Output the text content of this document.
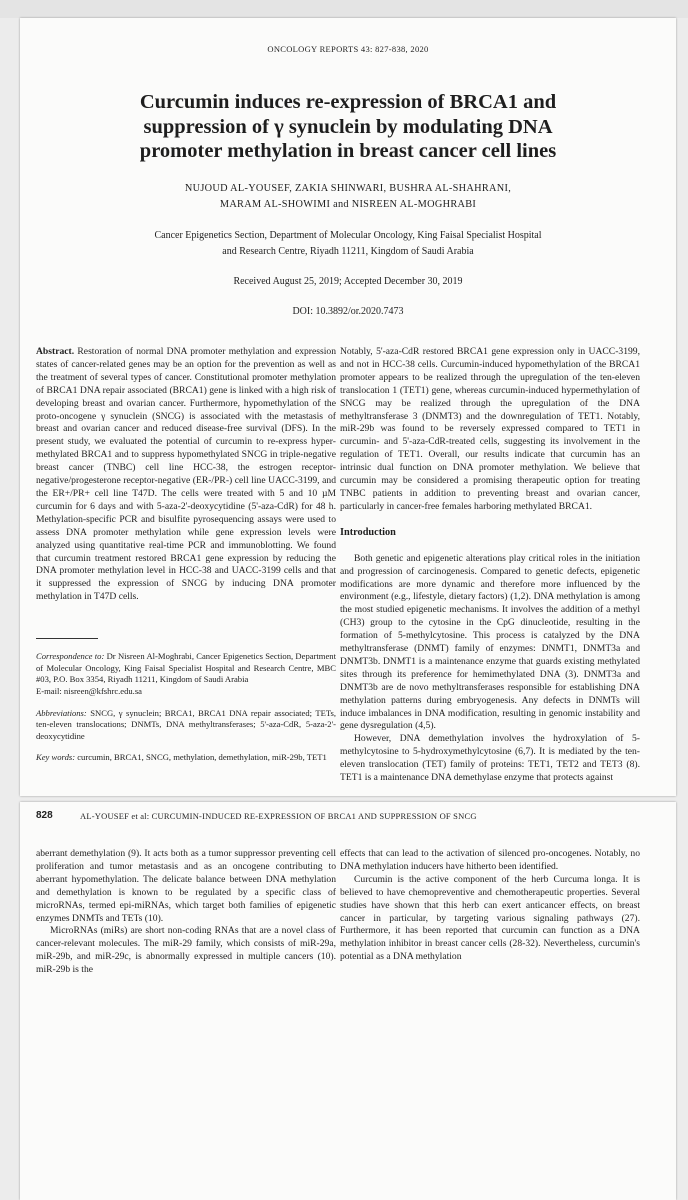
ONCOLOGY REPORTS 43: 827-838, 2020
Curcumin induces re-expression of BRCA1 and
suppression of γ synuclein by modulating DNA
promoter methylation in breast cancer cell lines
NUJOUD AL-YOUSEF, ZAKIA SHINWARI, BUSHRA AL-SHAHRANI,
MARAM AL-SHOWIMI and NISREEN AL-MOGHRABI
Cancer Epigenetics Section, Department of Molecular Oncology, King Faisal Specialist Hospital
and Research Centre, Riyadh 11211, Kingdom of Saudi Arabia
Received August 25, 2019; Accepted December 30, 2019
DOI: 10.3892/or.2020.7473

Abstract. Restoration of normal DNA promoter methylation and expression states of cancer-related genes may be an option for the prevention as well as the treatment of several types of cancer. Constitutional promoter methylation of BRCA1 DNA repair associated (BRCA1) gene is linked with a high risk of developing breast and ovarian cancer. Furthermore, hypomethylation of the proto-oncogene γ synuclein (SNCG) is associated with the metastasis of breast and ovarian cancer and reduced disease-free survival (DFS). In the present study, we evaluated the potential of curcumin to re-express hyper-methylated BRCA1 and to suppress hypomethylated SNCG in triple-negative breast cancer (TNBC) cell line HCC-38, the estrogen receptor-negative/progesterone receptor-negative (ER-/PR-) cell line UACC-3199, and the ER+/PR+ cell line T47D. The cells were treated with 5 and 10 µM curcumin for 6 days and with 5-aza-2'-deoxycytidine (5'-aza-CdR) for 48 h. Methylation-specific PCR and bisulfite pyrosequencing assays were used to assess DNA promoter methylation while gene expression levels were analyzed using quantitative real-time PCR and immunoblotting. We found that curcumin treatment restored BRCA1 gene expression by reducing the DNA promoter methylation level in HCC-38 and UACC-3199 cells and that it suppressed the expression of SNCG by inducing DNA promoter methylation in T47D cells.

Correspondence to: Dr Nisreen Al-Moghrabi, Cancer Epigenetics Section, Department of Molecular Oncology, King Faisal Specialist Hospital and Research Centre, MBC #03, P.O. Box 3354, Riyadh 11211, Kingdom of Saudi Arabia

E-mail: nisreen@kfshrc.edu.sa

Abbreviations: SNCG, γ synuclein; BRCA1, BRCA1 DNA repair associated; TETs, ten-eleven translocations; DNMTs, DNA methyltransferases; 5'-aza-CdR, 5-aza-2'-deoxycytidine

Key words: curcumin, BRCA1, SNCG, methylation, demethylation, miR-29b, TET1

Notably, 5'-aza-CdR restored BRCA1 gene expression only in UACC-3199, and not in HCC-38 cells. Curcumin-induced hypomethylation of the BRCA1 promoter appears to be realized through the upregulation of the ten-eleven translocation 1 (TET1) gene, whereas curcumin-induced hypermethylation of SNCG may be realized through the upregulation of the DNA methyltransferase 3 (DNMT3) and the downregulation of TET1. Notably, miR-29b was found to be reversely expressed compared to TET1 in curcumin- and 5'-aza-CdR-treated cells, suggesting its involvement in the regulation of TET1. Overall, our results indicate that curcumin has an intrinsic dual function on DNA promoter methylation. We believe that curcumin may be considered a promising therapeutic option for treating TNBC patients in addition to preventing breast and ovarian cancer, particularly in cancer-free females harboring methylated BRCA1.

Introduction

Both genetic and epigenetic alterations play critical roles in the initiation and progression of carcinogenesis. Compared to genetic defects, epigenetic modifications are more dynamic and therefore more influenced by the environment (e.g., lifestyle, dietary factors) (1,2). DNA methylation is among the most studied epigenetic mechanisms. It involves the addition of a methyl (CH3) group to the cytosine in the CpG dinucleotide, resulting in the formation of 5-methylcytosine. This process is catalyzed by the DNA methyltransferase (DNMT) family of enzymes: DNMT1, DNMT3a and DNMT3b. DNMT1 is a maintenance enzyme that guards existing methylated sites through its preference for hemimethylated DNA (3). DNMT3a and DNMT3b are de novo methyltransferases responsible for establishing DNA methylation patterns during embryogenesis. Any defects in DNMTs will induce imbalances in DNA modification, resulting in genomic instability and gene dysregulation (4,5).

However, DNA demethylation involves the hydroxylation of 5-methylcytosine to 5-hydroxymethylcytosine (6,7). It is mediated by the ten-eleven translocation (TET) family of proteins: TET1, TET2 and TET3 (8). TET1 is a maintenance DNA demethylase enzyme that protects against

828	AL-YOUSEF et al: CURCUMIN-INDUCED RE-EXPRESSION OF BRCA1 AND SUPPRESSION OF SNCG

aberrant demethylation (9). It acts both as a tumor suppressor preventing cell proliferation and tumor metastasis and as an oncogene contributing to aberrant hypomethylation. The delicate balance between DNA methylation and demethylation is known to be regulated by a specific class of microRNAs, termed epi-miRNAs, which target both families of epigenetic enzymes DNMTs and TETs (10).

MicroRNAs (miRs) are short non-coding RNAs that are a novel class of cancer-relevant molecules. The miR-29 family, which consists of miR-29a, miR-29b, and miR-29c, is abnormally expressed in multiple cancers (10). miR-29b is the

effects that can lead to the activation of silenced pro-oncogenes. Notably, no DNA methylation inducers have hitherto been identified.

Curcumin is the active component of the herb Curcuma longa. It is believed to have chemopreventive and chemotherapeutic properties. Several studies have shown that this herb can exert anticancer effects, on breast cancer in particular, by targeting various signaling pathways (27). Furthermore, it has been reported that curcumin can function as a DNA methylation inhibitor in breast cancer cells (28-32). Nevertheless, curcumin's potential as a DNA methylation
